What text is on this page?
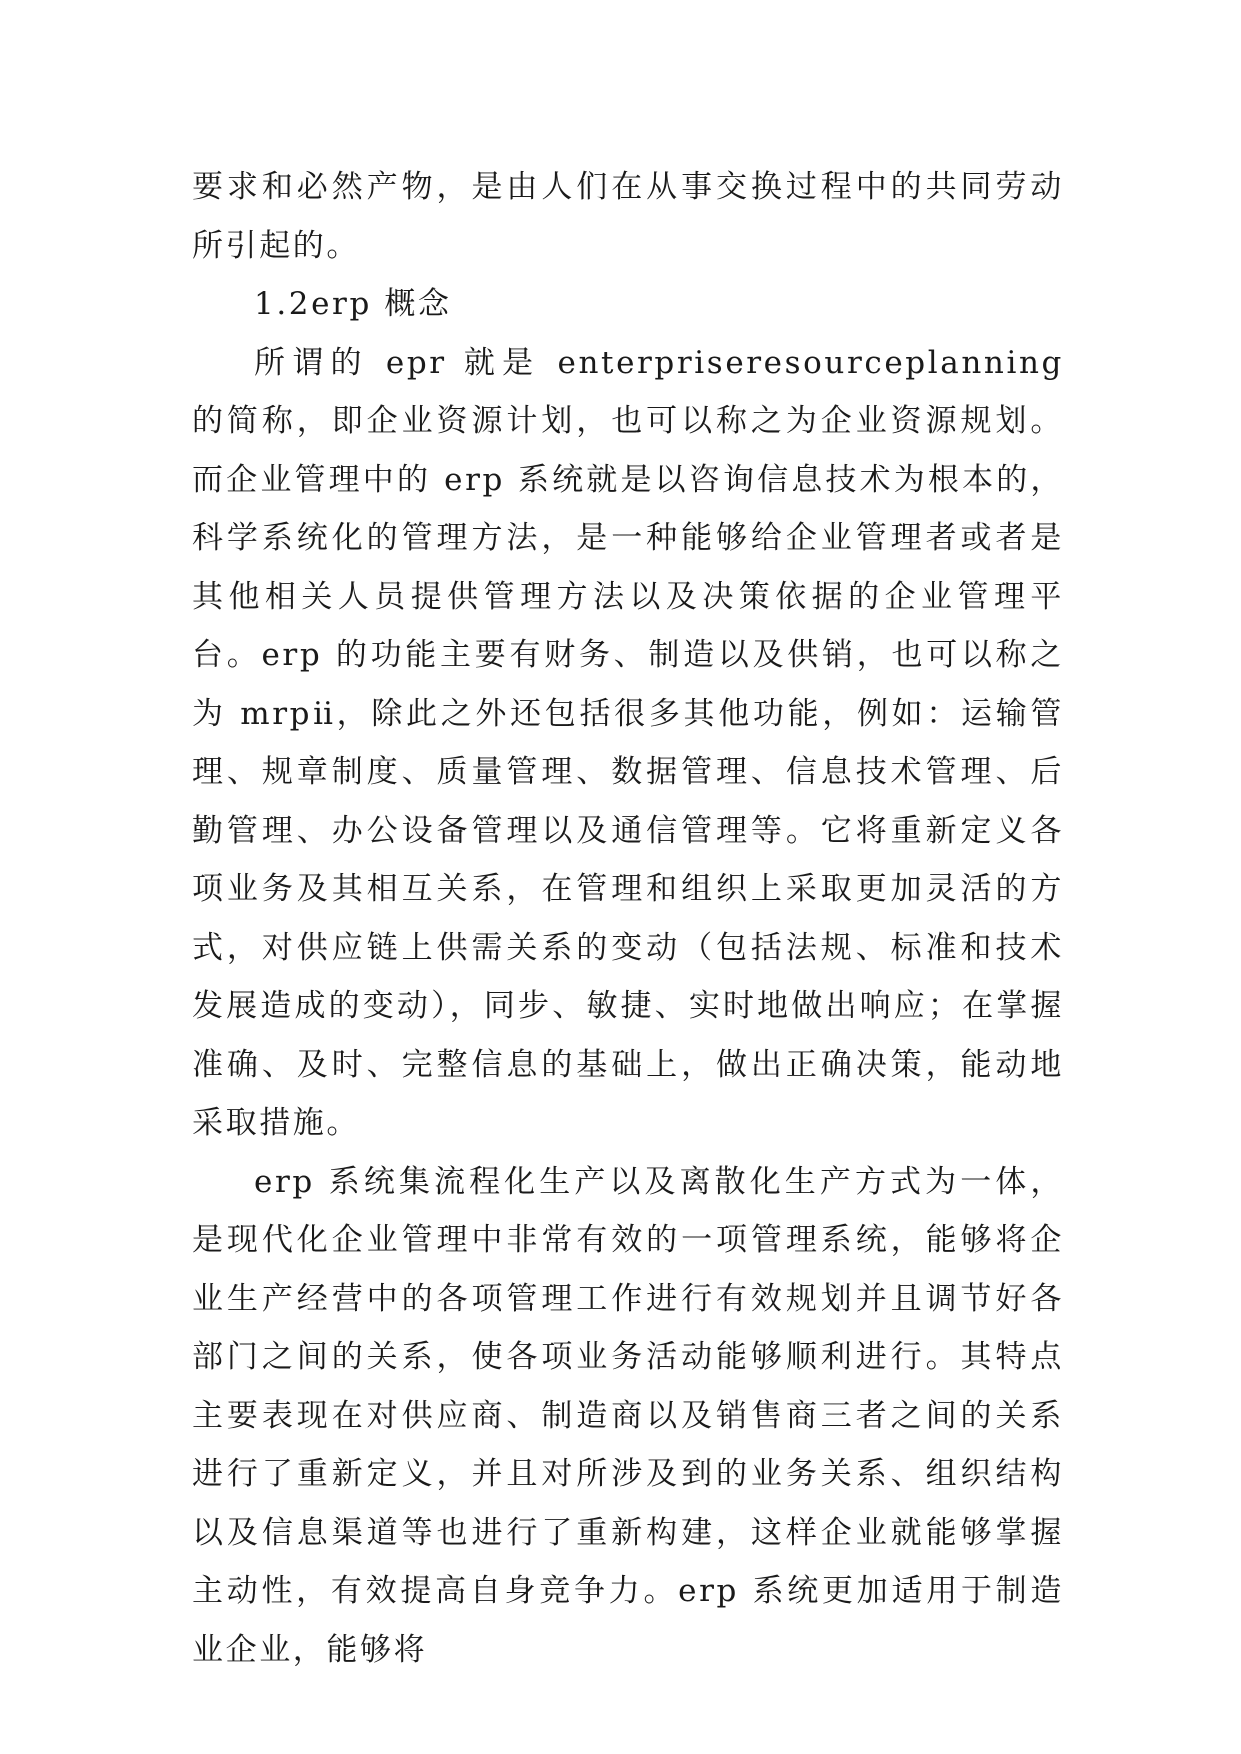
要求和必然产物，是由人们在从事交换过程中的共同劳动所引起的。

1.2erp 概念

所谓的 epr 就是 enterpriseresourceplanning 的简称，即企业资源计划，也可以称之为企业资源规划。而企业管理中的 erp 系统就是以咨询信息技术为根本的，科学系统化的管理方法，是一种能够给企业管理者或者是其他相关人员提供管理方法以及决策依据的企业管理平台。erp 的功能主要有财务、制造以及供销，也可以称之为 mrpⅱ，除此之外还包括很多其他功能，例如：运输管理、规章制度、质量管理、数据管理、信息技术管理、后勤管理、办公设备管理以及通信管理等。它将重新定义各项业务及其相互关系，在管理和组织上采取更加灵活的方式，对供应链上供需关系的变动（包括法规、标准和技术发展造成的变动），同步、敏捷、实时地做出响应；在掌握准确、及时、完整信息的基础上，做出正确决策，能动地采取措施。

erp 系统集流程化生产以及离散化生产方式为一体，是现代化企业管理中非常有效的一项管理系统，能够将企业生产经营中的各项管理工作进行有效规划并且调节好各部门之间的关系，使各项业务活动能够顺利进行。其特点主要表现在对供应商、制造商以及销售商三者之间的关系进行了重新定义，并且对所涉及到的业务关系、组织结构以及信息渠道等也进行了重新构建，这样企业就能够掌握主动性，有效提高自身竞争力。erp 系统更加适用于制造业企业，能够将
